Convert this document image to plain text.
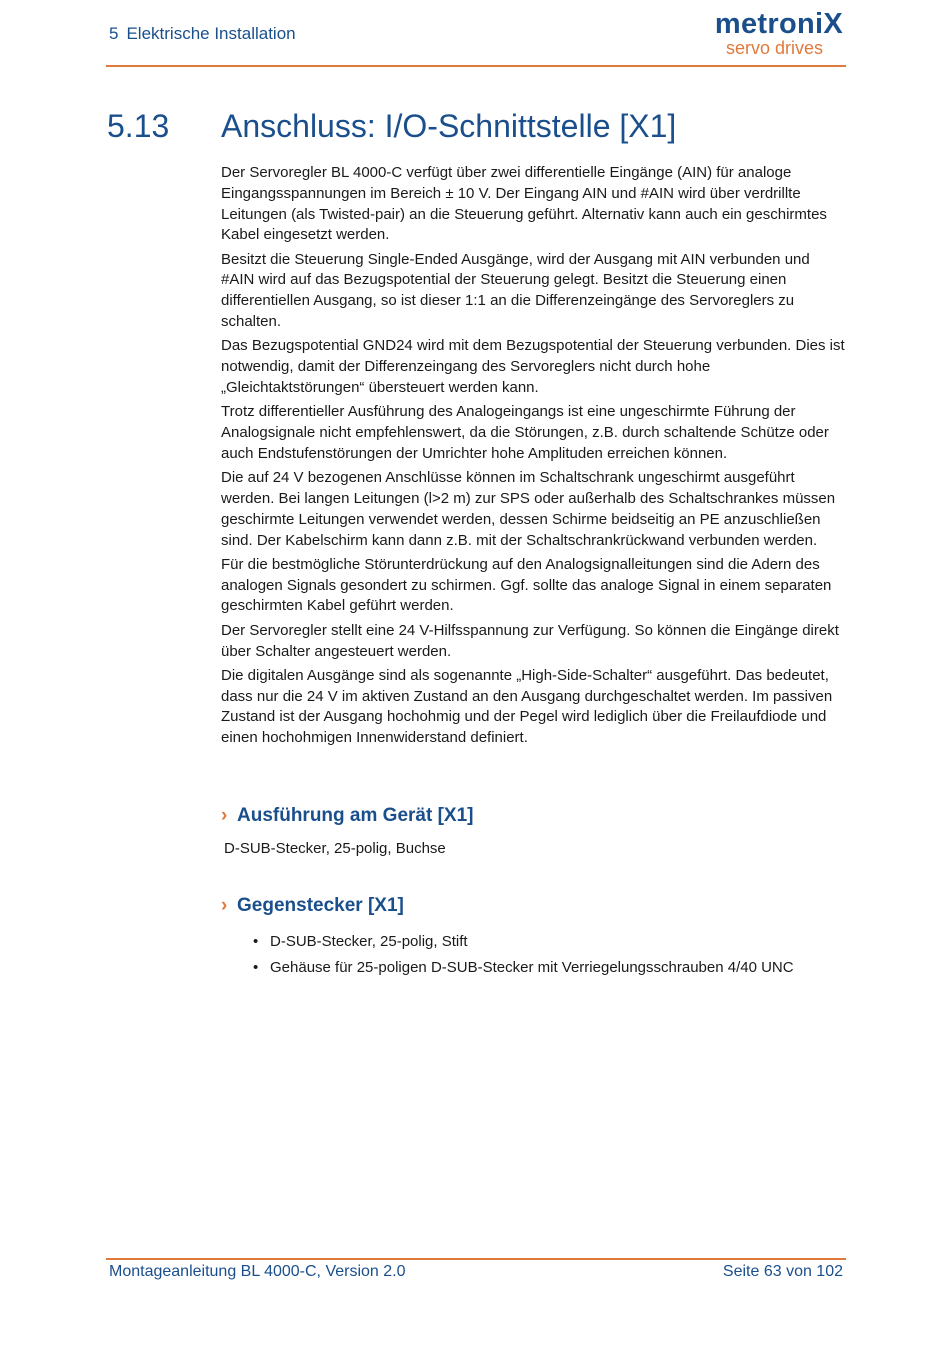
5 Elektrische Installation	metroniX
servo drives
5.13 Anschluss: I/O-Schnittstelle [X1]

Der Servoregler BL 4000-C verfügt über zwei differentielle Eingänge (AIN) für analoge Eingangsspannungen im Bereich ± 10 V. Der Eingang AIN und #AIN wird über verdrillte Leitungen (als Twisted-pair) an die Steuerung geführt. Alternativ kann auch ein geschirmtes Kabel eingesetzt werden.

Besitzt die Steuerung Single-Ended Ausgänge, wird der Ausgang mit AIN verbunden und #AIN wird auf das Bezugspotential der Steuerung gelegt. Besitzt die Steuerung einen differentiellen Ausgang, so ist dieser 1:1 an die Differenzeingänge des Servoreglers zu schalten.

Das Bezugspotential GND24 wird mit dem Bezugspotential der Steuerung verbunden. Dies ist notwendig, damit der Differenzeingang des Servoreglers nicht durch hohe „Gleichtaktstörungen“ übersteuert werden kann.

Trotz differentieller Ausführung des Analogeingangs ist eine ungeschirmte Führung der Analogsignale nicht empfehlenswert, da die Störungen, z.B. durch schaltende Schütze oder auch Endstufenstörungen der Umrichter hohe Amplituden erreichen können.

Die auf 24 V bezogenen Anschlüsse können im Schaltschrank ungeschirmt ausgeführt werden. Bei langen Leitungen (l>2 m) zur SPS oder außerhalb des Schaltschrankes müssen geschirmte Leitungen verwendet werden, dessen Schirme beidseitig an PE anzuschließen sind. Der Kabelschirm kann dann z.B. mit der Schaltschrankrückwand verbunden werden.

Für die bestmögliche Störunterdrückung auf den Analogsignalleitungen sind die Adern des analogen Signals gesondert zu schirmen. Ggf. sollte das analoge Signal in einem separaten geschirmten Kabel geführt werden.

Der Servoregler stellt eine 24 V-Hilfsspannung zur Verfügung. So können die Eingänge direkt über Schalter angesteuert werden.

Die digitalen Ausgänge sind als sogenannte „High-Side-Schalter“ ausgeführt. Das bedeutet, dass nur die 24 V im aktiven Zustand an den Ausgang durchgeschaltet werden. Im passiven Zustand ist der Ausgang hochohmig und der Pegel wird lediglich über die Freilaufdiode und einen hochohmigen Innenwiderstand definiert.

› Ausführung am Gerät [X1]
D-SUB-Stecker, 25-polig, Buchse
› Gegenstecker [X1]
• D-SUB-Stecker, 25-polig, Stift
• Gehäuse für 25-poligen D-SUB-Stecker mit Verriegelungsschrauben 4/40 UNC
Montageanleitung BL 4000-C, Version 2.0	Seite 63 von 102
